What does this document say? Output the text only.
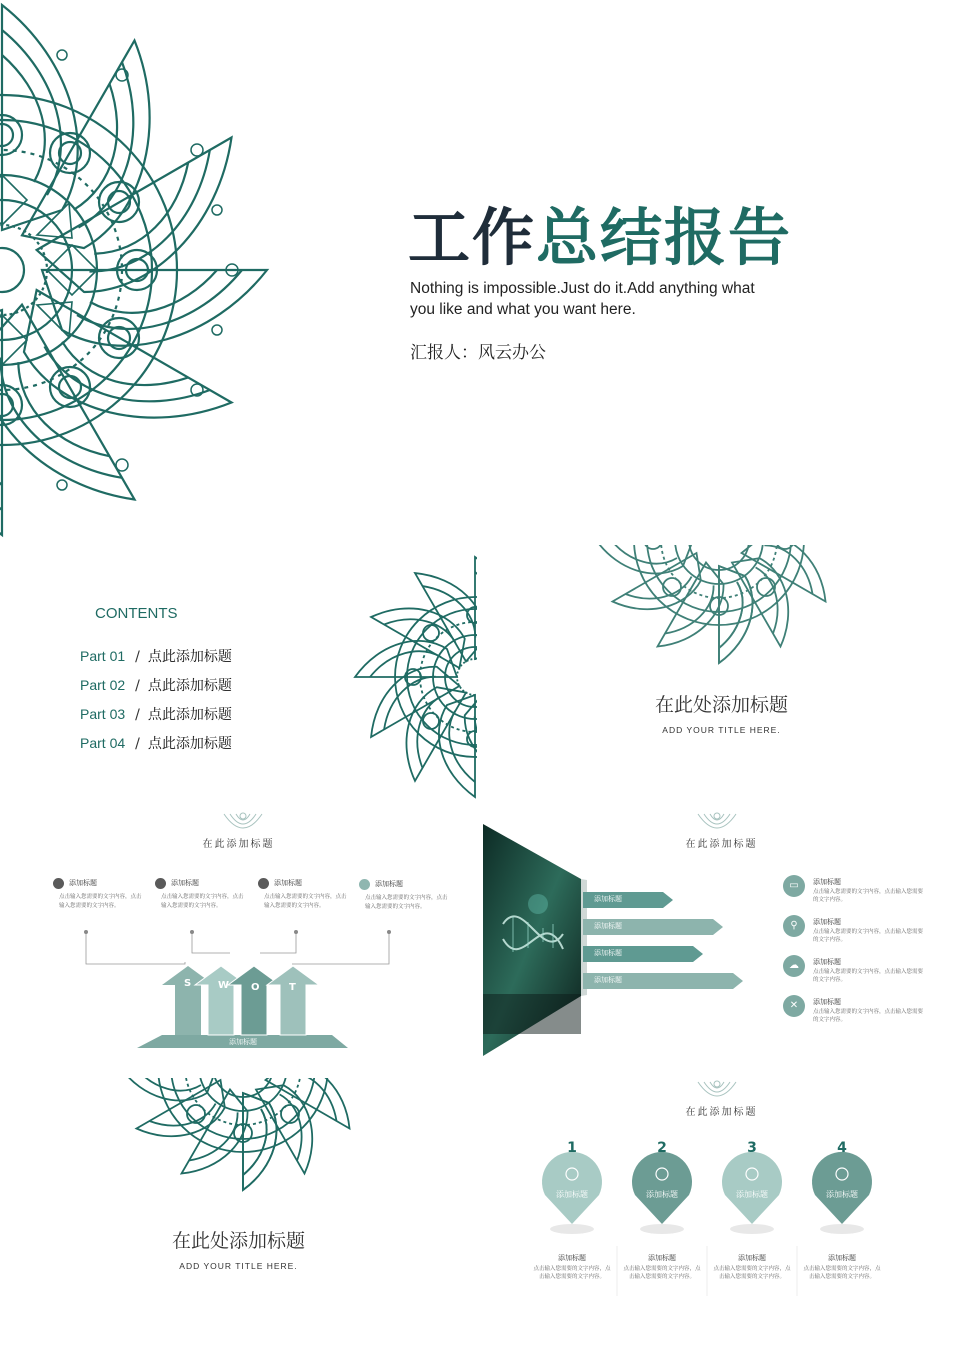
工作总结报告
Nothing is impossible.Just do it.Add anything what you like and what you want here.
汇报人：风云办公
CONTENTS
Part 01 / 点此添加标题
Part 02 / 点此添加标题
Part 03 / 点此添加标题
Part 04 / 点此添加标题
在此处添加标题
ADD YOUR TITLE HERE.
在此添加标题
添加标题
点击输入您需要的文字内容，点击输入您需要的文字内容。
添加标题
点击输入您需要的文字内容，点击输入您需要的文字内容。
添加标题
点击输入您需要的文字内容，点击输入您需要的文字内容。
添加标题
点击输入您需要的文字内容，点击输入您需要的文字内容。
S	W O	T
添加标题
在此添加标题
添加标题
添加标题
添加标题
添加标题
▭	添加标题
点击输入您需要的文字内容，点击输入您需要的文字内容。
⚲	添加标题
点击输入您需要的文字内容，点击输入您需要的文字内容。
☁	添加标题
点击输入您需要的文字内容，点击输入您需要的文字内容。
✕	添加标题
点击输入您需要的文字内容，点击输入您需要的文字内容。
在此处添加标题
ADD YOUR TITLE HERE.
在此添加标题
1	2	3	4
添加标题	添加标题	添加标题	添加标题
添加标题	添加标题	添加标题	添加标题
点击输入您需要的文字内容，点击输入您需要的文字内容。
点击输入您需要的文字内容，点击输入您需要的文字内容。
点击输入您需要的文字内容，点击输入您需要的文字内容。
点击输入您需要的文字内容，点击输入您需要的文字内容。
